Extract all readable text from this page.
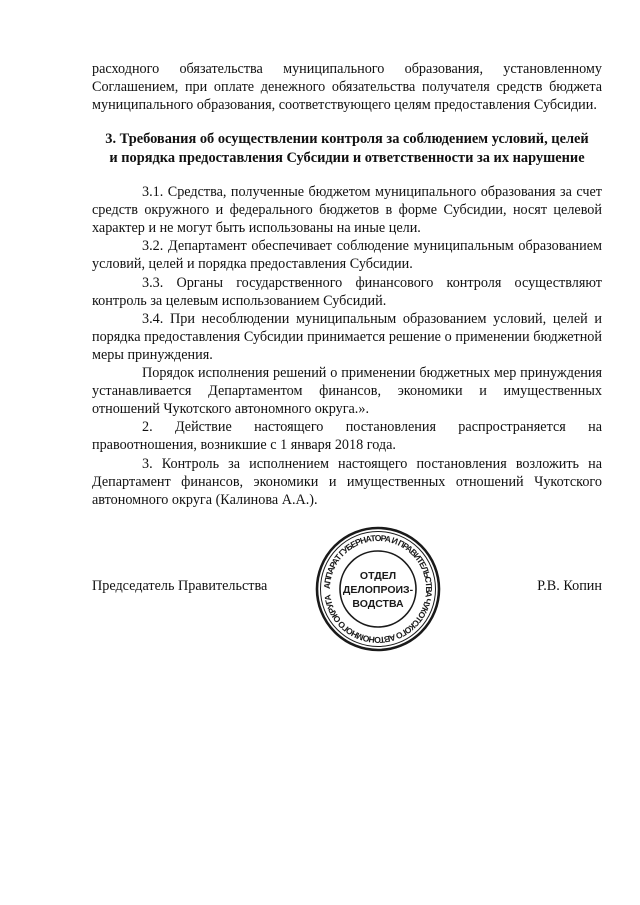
расходного обязательства муниципального образования, установленному Соглашением, при оплате денежного обязательства получателя средств бюджета муниципального образования, соответствующего целям предоставления Субсидии.

3. Требования об осуществлении контроля за соблюдением условий, целей

и порядка предоставления Субсидии и ответственности за их нарушение

3.1. Средства, полученные бюджетом муниципального образования за счет средств окружного и федерального бюджетов в форме Субсидии, носят целевой характер и не могут быть использованы на иные цели.

3.2. Департамент обеспечивает соблюдение муниципальным образованием условий, целей и порядка предоставления Субсидии.

3.3. Органы государственного финансового контроля осуществляют контроль за целевым использованием Субсидий.

3.4. При несоблюдении муниципальным образованием условий, целей и порядка предоставления Субсидии принимается решение о применении бюджетной меры принуждения.

Порядок исполнения решений о применении бюджетных мер принуждения устанавливается Департаментом финансов, экономики и имущественных отношений Чукотского автономного округа.».

2. Действие настоящего постановления распространяется на правоотношения, возникшие с 1 января 2018 года.

3. Контроль за исполнением настоящего постановления возложить на Департамент финансов, экономики и имущественных отношений Чукотского автономного округа (Калинова А.А.).

Председатель Правительства	Р.В. Копин
АППАРАТ ГУБЕРНАТОРА И ПРАВИТЕЛЬСТВА ЧУКОТСКОГО АВТОНОМНОГО ОКРУГА
ОТДЕЛ
ДЕЛОПРОИЗ-
ВОДСТВА
